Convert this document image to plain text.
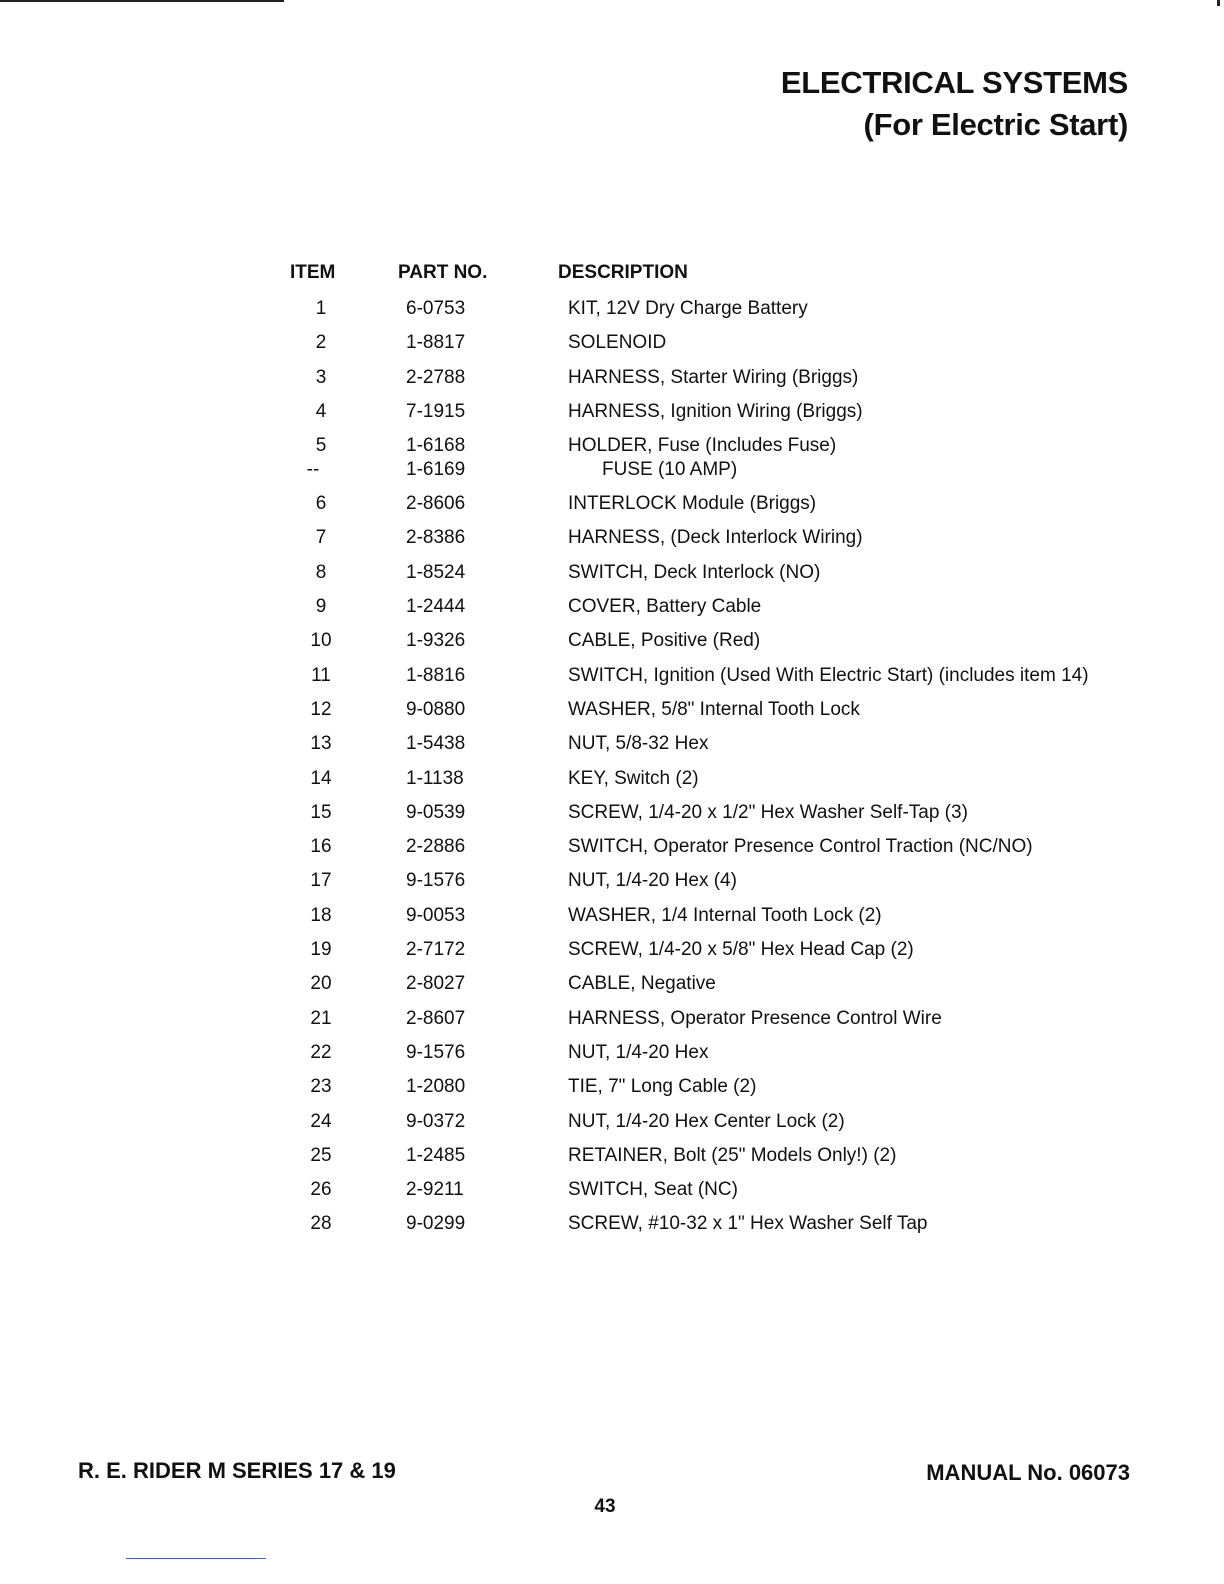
ELECTRICAL SYSTEMS
(For Electric Start)
ITEM	PART NO.	DESCRIPTION
1	6-0753	KIT, 12V Dry Charge Battery
2	1-8817	SOLENOID
3	2-2788	HARNESS, Starter Wiring (Briggs)
4	7-1915	HARNESS, Ignition Wiring (Briggs)
5	1-6168	HOLDER, Fuse (Includes Fuse)
--	1-6169	FUSE (10 AMP)
6	2-8606	INTERLOCK Module (Briggs)
7	2-8386	HARNESS, (Deck Interlock Wiring)
8	1-8524	SWITCH, Deck Interlock (NO)
9	1-2444	COVER, Battery Cable
10	1-9326	CABLE, Positive (Red)
11	1-8816	SWITCH, Ignition (Used With Electric Start) (includes item 14)
12	9-0880	WASHER, 5/8" Internal Tooth Lock
13	1-5438	NUT, 5/8-32 Hex
14	1-1138	KEY, Switch (2)
15	9-0539	SCREW, 1/4-20 x 1/2" Hex Washer Self-Tap (3)
16	2-2886	SWITCH, Operator Presence Control Traction (NC/NO)
17	9-1576	NUT, 1/4-20 Hex (4)
18	9-0053	WASHER, 1/4 Internal Tooth Lock (2)
19	2-7172	SCREW, 1/4-20 x 5/8" Hex Head Cap (2)
20	2-8027	CABLE, Negative
21	2-8607	HARNESS, Operator Presence Control Wire
22	9-1576	NUT, 1/4-20 Hex
23	1-2080	TIE, 7" Long Cable (2)
24	9-0372	NUT, 1/4-20 Hex Center Lock (2)
25	1-2485	RETAINER, Bolt (25" Models Only!) (2)
26	2-9211	SWITCH, Seat (NC)
28	9-0299	SCREW, #10-32 x 1" Hex Washer Self Tap
R. E. RIDER M SERIES 17 & 19	MANUAL No. 06073
43
